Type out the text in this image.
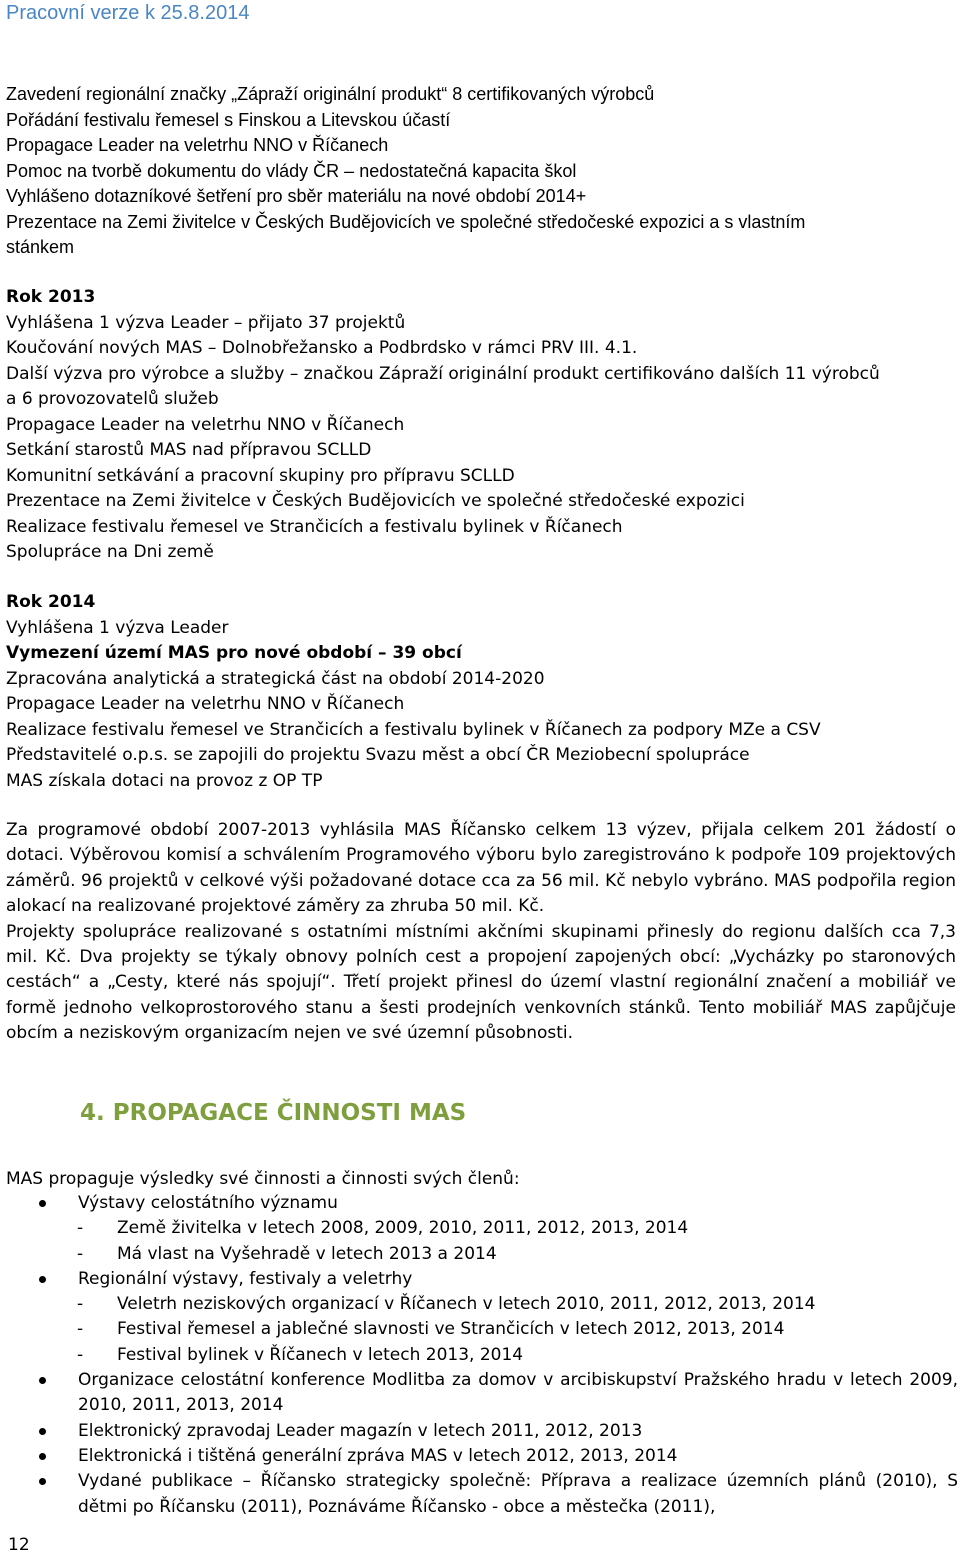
Pracovní verze k 25.8.2014
Zavedení regionální značky „Zápraží originální produkt“ 8 certifikovaných výrobců
Pořádání festivalu řemesel s Finskou a Litevskou účastí
Propagace Leader na veletrhu NNO v Říčanech
Pomoc na tvorbě dokumentu do vlády ČR – nedostatečná kapacita škol
Vyhlášeno dotazníkové šetření pro sběr materiálu na nové období 2014+
Prezentace na Zemi živitelce v Českých Budějovicích ve společné středočeské expozici a s vlastním
stánkem
Rok 2013
Vyhlášena 1 výzva Leader – přijato 37 projektů
Koučování nových MAS – Dolnobřežansko a Podbrdsko v rámci PRV III. 4.1.
Další výzva pro výrobce a služby – značkou Zápraží originální produkt certifikováno dalších 11 výrobců
a 6 provozovatelů služeb
Propagace Leader na veletrhu NNO v Říčanech
Setkání starostů MAS nad přípravou SCLLD
Komunitní setkávání a pracovní skupiny pro přípravu SCLLD
Prezentace na Zemi živitelce v Českých Budějovicích ve společné středočeské expozici
Realizace festivalu řemesel ve Strančicích a festivalu bylinek v Říčanech
Spolupráce na Dni země
Rok 2014
Vyhlášena 1 výzva Leader
Vymezení území MAS pro nové období – 39 obcí
Zpracována analytická a strategická část na období 2014-2020
Propagace Leader na veletrhu NNO v Říčanech
Realizace festivalu řemesel ve Strančicích a festivalu bylinek v Říčanech za podpory MZe a CSV
Představitelé o.p.s. se zapojili do projektu Svazu měst a obcí ČR Meziobecní spolupráce
MAS získala dotaci na provoz z OP TP

Za programové období 2007-2013 vyhlásila MAS Říčansko celkem 13 výzev, přijala celkem 201 žádostí o dotaci. Výběrovou komisí a schválením Programového výboru bylo zaregistrováno k podpoře 109 projektových záměrů. 96 projektů v celkové výši požadované dotace cca za 56 mil. Kč nebylo vybráno. MAS podpořila region alokací na realizované projektové záměry za zhruba 50 mil. Kč.

Projekty spolupráce realizované s ostatními místními akčními skupinami přinesly do regionu dalších cca 7,3 mil. Kč. Dva projekty se týkaly obnovy polních cest a propojení zapojených obcí: „Vycházky po staronových cestách“ a „Cesty, které nás spojují“. Třetí projekt přinesl do území vlastní regionální značení a mobiliář ve formě jednoho velkoprostorového stanu a šesti prodejních venkovních stánků. Tento mobiliář MAS zapůjčuje obcím a neziskovým organizacím nejen ve své územní působnosti.

4. PROPAGACE ČINNOSTI MAS
MAS propaguje výsledky své činnosti a činnosti svých členů:
Výstavy celostátního významu
- Země živitelka v letech 2008, 2009, 2010, 2011, 2012, 2013, 2014
- Má vlast na Vyšehradě v letech 2013 a 2014
Regionální výstavy, festivaly a veletrhy
- Veletrh neziskových organizací v Říčanech v letech 2010, 2011, 2012, 2013, 2014
- Festival řemesel a jablečné slavnosti ve Strančicích v letech 2012, 2013, 2014
- Festival bylinek v Říčanech v letech 2013, 2014
Organizace celostátní konference Modlitba za domov v arcibiskupství Pražského hradu v letech 2009, 2010, 2011, 2013, 2014
Elektronický zpravodaj Leader magazín v letech 2011, 2012, 2013
Elektronická i tištěná generální zpráva MAS v letech 2012, 2013, 2014
Vydané publikace – Říčansko strategicky společně: Příprava a realizace územních plánů (2010), S dětmi po Říčansku (2011), Poznáváme Říčansko - obce a městečka (2011),
12
